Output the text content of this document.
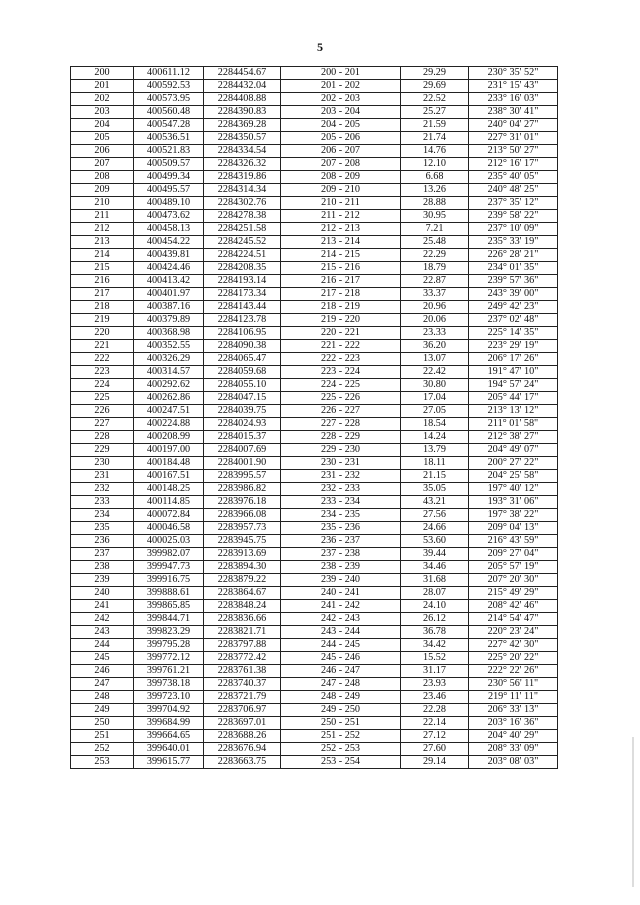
5
200	400611.12	2284454.67	200 - 201	29.29	230° 35' 52"
201	400592.53	2284432.04	201 - 202	29.69	231° 15' 43"
202	400573.95	2284408.88	202 - 203	22.52	233° 16' 03"
203	400560.48	2284390.83	203 - 204	25.27	238° 30' 41"
204	400547.28	2284369.28	204 - 205	21.59	240° 04' 27"
205	400536.51	2284350.57	205 - 206	21.74	227° 31' 01"
206	400521.83	2284334.54	206 - 207	14.76	213° 50' 27"
207	400509.57	2284326.32	207 - 208	12.10	212° 16' 17"
208	400499.34	2284319.86	208 - 209	6.68	235° 40' 05"
209	400495.57	2284314.34	209 - 210	13.26	240° 48' 25"
210	400489.10	2284302.76	210 - 211	28.88	237° 35' 12"
211	400473.62	2284278.38	211 - 212	30.95	239° 58' 22"
212	400458.13	2284251.58	212 - 213	7.21	237° 10' 09"
213	400454.22	2284245.52	213 - 214	25.48	235° 33' 19"
214	400439.81	2284224.51	214 - 215	22.29	226° 28' 21"
215	400424.46	2284208.35	215 - 216	18.79	234° 01' 35"
216	400413.42	2284193.14	216 - 217	22.87	239° 57' 36"
217	400401.97	2284173.34	217 - 218	33.37	243° 39' 00"
218	400387.16	2284143.44	218 - 219	20.96	249° 42' 23"
219	400379.89	2284123.78	219 - 220	20.06	237° 02' 48"
220	400368.98	2284106.95	220 - 221	23.33	225° 14' 35"
221	400352.55	2284090.38	221 - 222	36.20	223° 29' 19"
222	400326.29	2284065.47	222 - 223	13.07	206° 17' 26"
223	400314.57	2284059.68	223 - 224	22.42	191° 47' 10"
224	400292.62	2284055.10	224 - 225	30.80	194° 57' 24"
225	400262.86	2284047.15	225 - 226	17.04	205° 44' 17"
226	400247.51	2284039.75	226 - 227	27.05	213° 13' 12"
227	400224.88	2284024.93	227 - 228	18.54	211° 01' 58"
228	400208.99	2284015.37	228 - 229	14.24	212° 38' 27"
229	400197.00	2284007.69	229 - 230	13.79	204° 49' 07"
230	400184.48	2284001.90	230 - 231	18.11	200° 27' 22"
231	400167.51	2283995.57	231 - 232	21.15	204° 25' 58"
232	400148.25	2283986.82	232 - 233	35.05	197° 40' 12"
233	400114.85	2283976.18	233 - 234	43.21	193° 31' 06"
234	400072.84	2283966.08	234 - 235	27.56	197° 38' 22"
235	400046.58	2283957.73	235 - 236	24.66	209° 04' 13"
236	400025.03	2283945.75	236 - 237	53.60	216° 43' 59"
237	399982.07	2283913.69	237 - 238	39.44	209° 27' 04"
238	399947.73	2283894.30	238 - 239	34.46	205° 57' 19"
239	399916.75	2283879.22	239 - 240	31.68	207° 20' 30"
240	399888.61	2283864.67	240 - 241	28.07	215° 49' 29"
241	399865.85	2283848.24	241 - 242	24.10	208° 42' 46"
242	399844.71	2283836.66	242 - 243	26.12	214° 54' 47"
243	399823.29	2283821.71	243 - 244	36.78	220° 23' 24"
244	399795.28	2283797.88	244 - 245	34.42	227° 42' 30"
245	399772.12	2283772.42	245 - 246	15.52	225° 20' 22"
246	399761.21	2283761.38	246 - 247	31.17	222° 22' 26"
247	399738.18	2283740.37	247 - 248	23.93	230° 56' 11"
248	399723.10	2283721.79	248 - 249	23.46	219° 11' 11"
249	399704.92	2283706.97	249 - 250	22.28	206° 33' 13"
250	399684.99	2283697.01	250 - 251	22.14	203° 16' 36"
251	399664.65	2283688.26	251 - 252	27.12	204° 40' 29"
252	399640.01	2283676.94	252 - 253	27.60	208° 33' 09"
253	399615.77	2283663.75	253 - 254	29.14	203° 08' 03"
